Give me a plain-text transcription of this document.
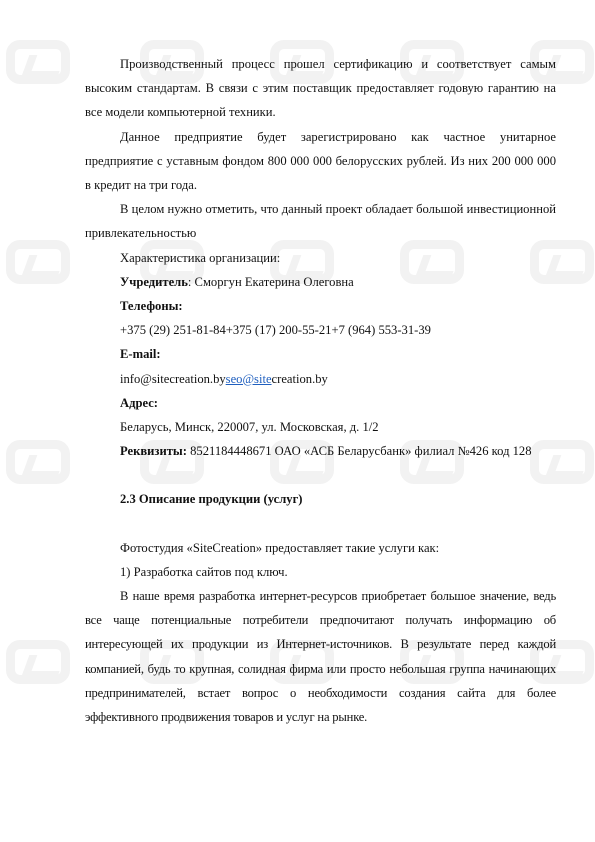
Производственный процесс прошел сертификацию и соответствует самым высоким стандартам. В связи с этим поставщик предоставляет годовую гарантию на все модели компьютерной техники.

Данное предприятие будет зарегистрировано как частное унитарное предприятие с уставным фондом 800 000 000 белорусских рублей. Из них 200 000 000 в кредит на три года.

В целом нужно отметить, что данный проект обладает большой инвестиционной привлекательностью

Характеристика организации:

Учредитель: Сморгун Екатерина Олеговна

Телефоны:

+375 (29) 251-81-84+375 (17) 200-55-21+7 (964) 553-31-39

E-mail:

info@sitecreation.byseo@sitecreation.by

Адрес:

Беларусь, Минск, 220007, ул. Московская, д. 1/2

Реквизиты: 8521184448671 ОАО «АСБ Беларусбанк» филиал №426 код 128

2.3 Описание продукции (услуг)

Фотостудия «SiteCreation» предоставляет такие услуги как:

1) Разработка сайтов под ключ.

В наше время разработка интернет-ресурсов приобретает большое значение, ведь все чаще потенциальные потребители предпочитают получать информацию об интересующей их продукции из Интернет-источников. В результате перед каждой компанией, будь то крупная, солидная фирма или просто небольшая группа начинающих предпринимателей, встает вопрос о необходимости создания сайта для более эффективного продвижения товаров и услуг на рынке.
